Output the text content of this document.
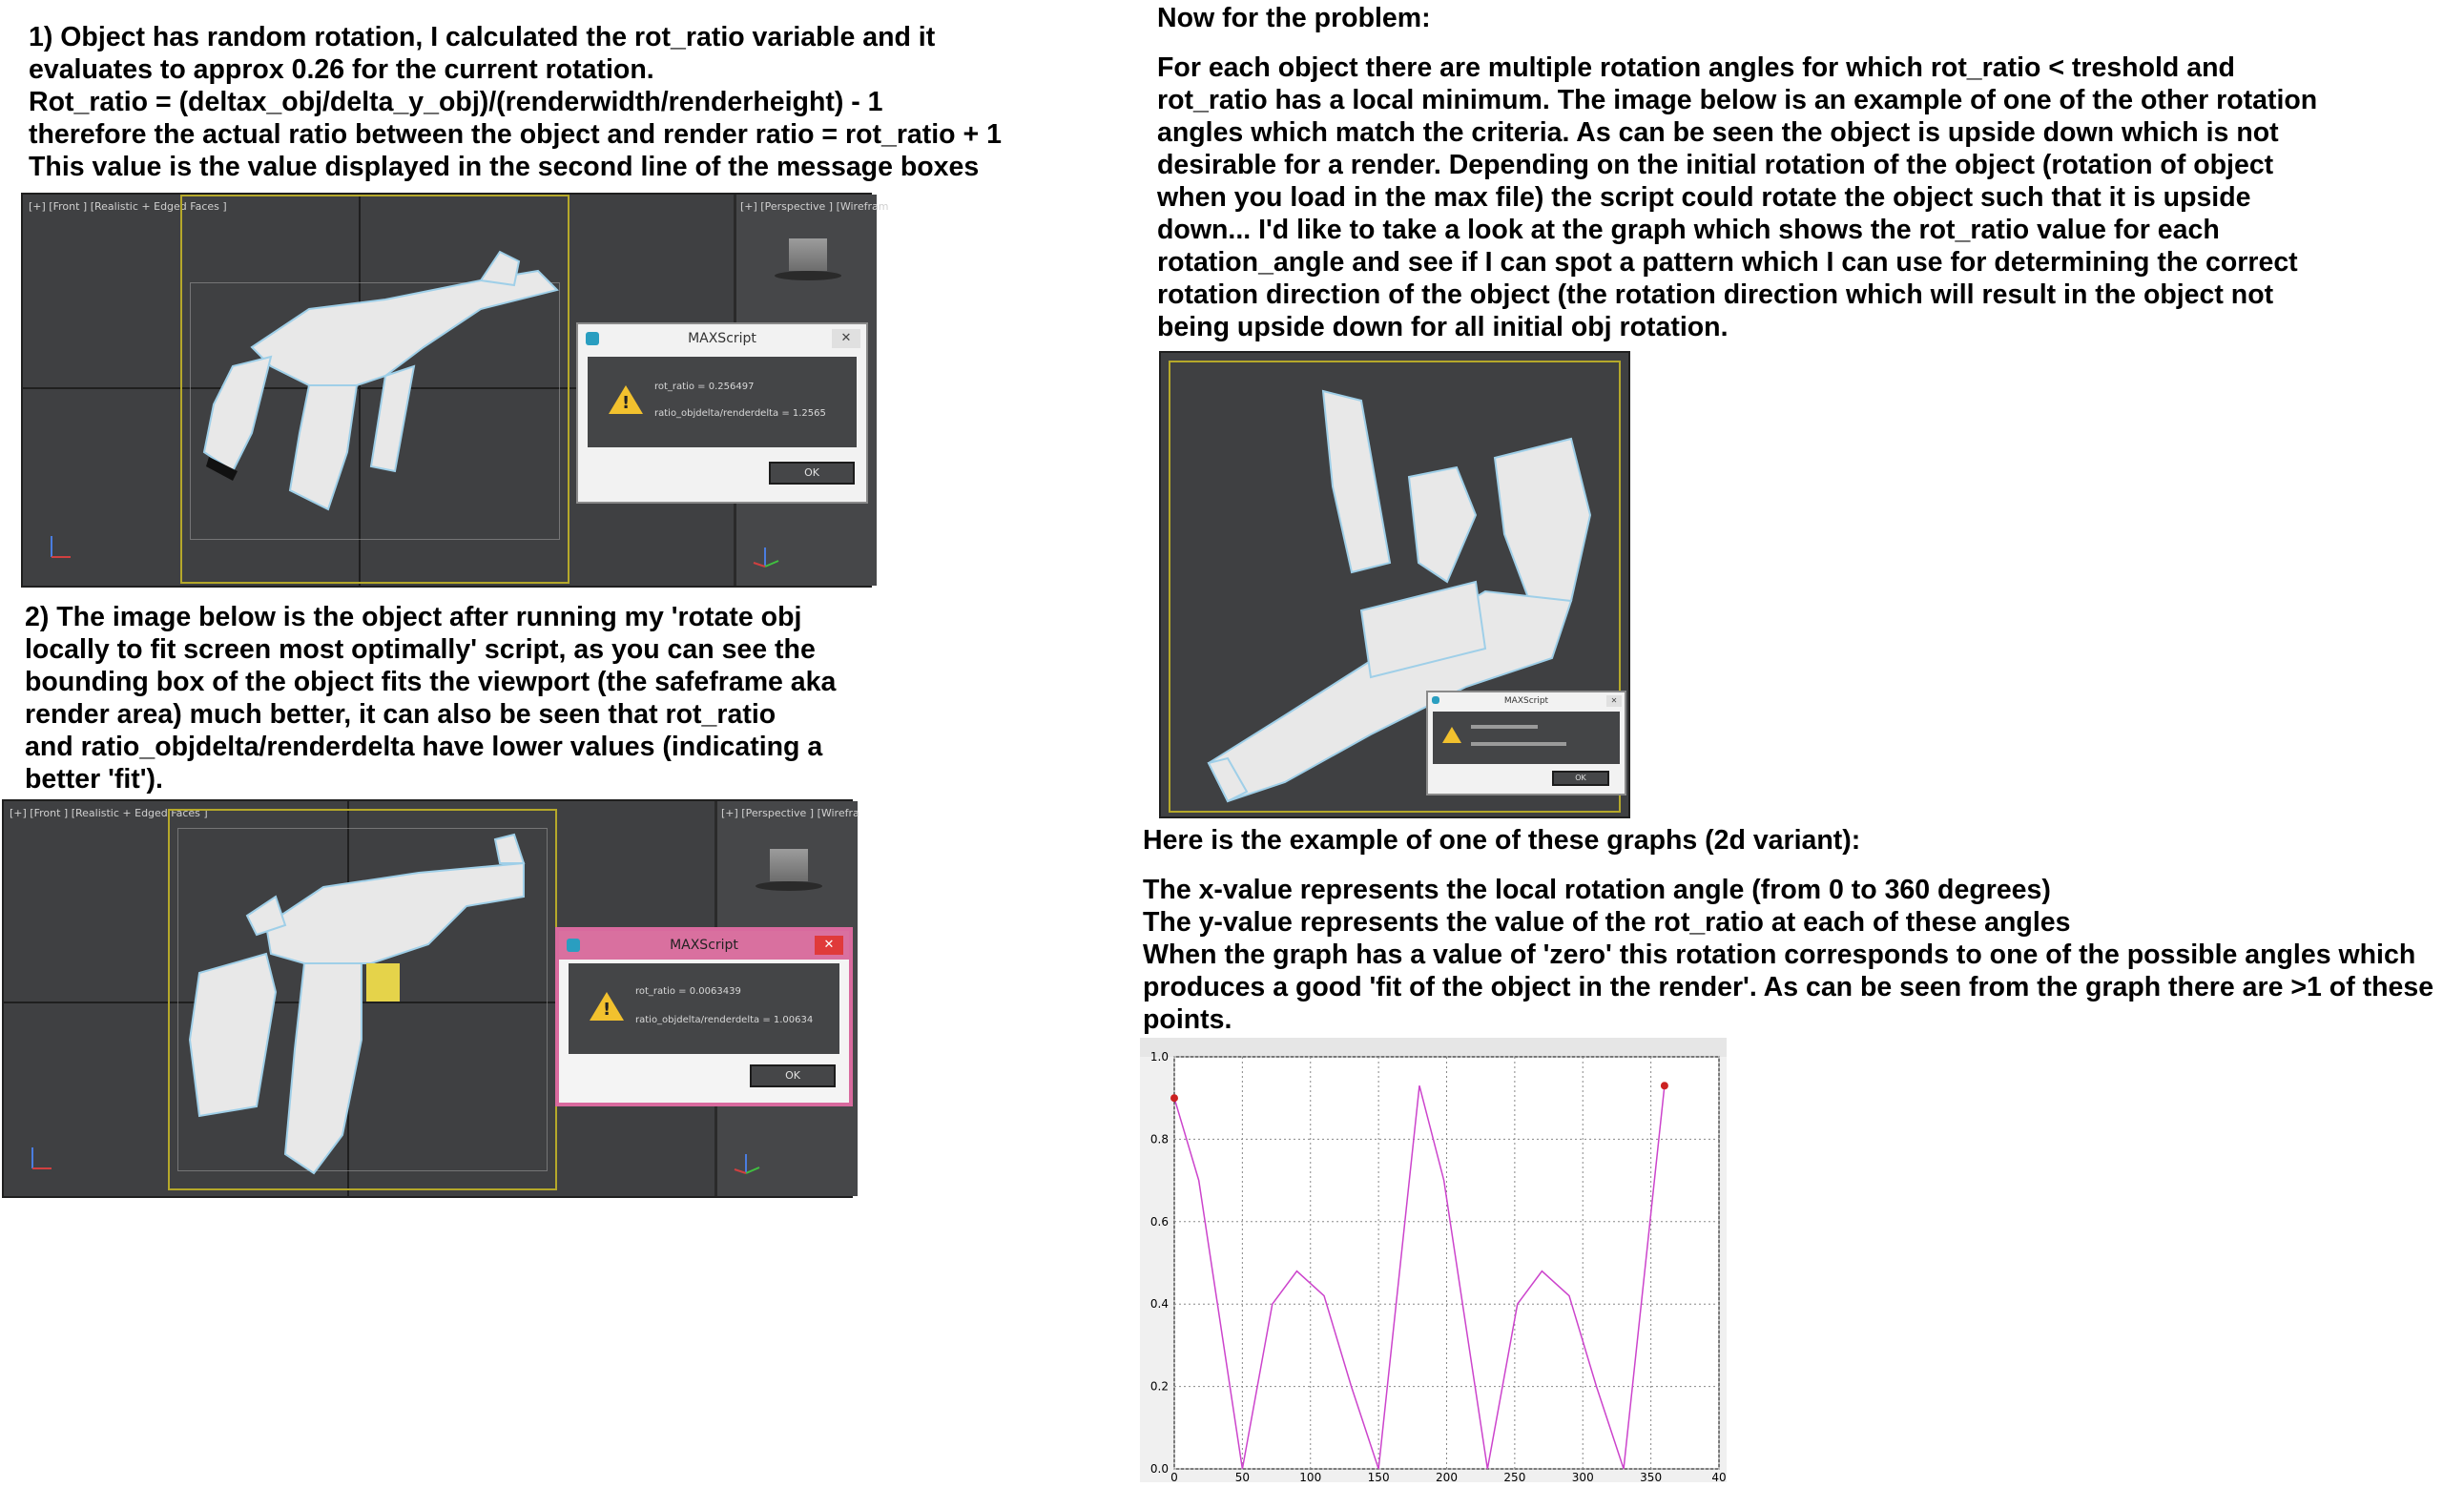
1) Object has random rotation, I calculated the rot_ratio variable and it

evaluates to approx 0.26 for the current rotation.

Rot_ratio = (deltax_obj/delta_y_obj)/(renderwidth/renderheight) - 1

therefore the actual ratio between the object and render ratio = rot_ratio + 1

This value is the value displayed in the second line of the message boxes

[+] [Front ] [Realistic + Edged Faces ]	[+] [Perspective ] [Wirefram
MAXScript	✕
!
rot_ratio = 0.256497
ratio_objdelta/renderdelta = 1.2565
OK

2) The image below is the object after running my 'rotate obj

locally to fit screen most optimally' script, as you can see the

bounding box of the object fits the viewport (the safeframe aka

render area) much better, it can also be seen that rot_ratio

and ratio_objdelta/renderdelta have lower values (indicating a

better 'fit').

[+] [Front ] [Realistic + Edged Faces ]	[+] [Perspective ] [Wirefra
MAXScript	✕
!
rot_ratio = 0.0063439
ratio_objdelta/renderdelta = 1.00634
OK

Now for the problem:

For each object there are multiple rotation angles for which rot_ratio < treshold and

rot_ratio has a local minimum. The image below is an example of one of the other rotation

angles which match the criteria. As can be seen the object is upside down which is not

desirable for a render. Depending on the initial rotation of the object (rotation of object

when you load in the max file) the script could rotate the object such that it is upside

down... I'd like to take a look at the graph which shows the rot_ratio value for each

rotation_angle and see if I can spot a pattern which I can use for determining the correct

rotation direction of the object (the rotation direction which will result in the object not

being upside down for all initial obj rotation.

MAXScript	✕
OK

Here is the example of one of these graphs (2d variant):

The x-value represents the local rotation angle (from 0 to 360 degrees)

The y-value represents the value of the rot_ratio at each of these angles

When the graph has a value of 'zero' this rotation corresponds to one of the possible angles which

produces a good 'fit of the object in the render'. As can be seen from the graph there are >1 of these

points.

0.0
0.2
0.4
0.6
0.8
1.0
0	50	100	150	200	250	300	350	40
